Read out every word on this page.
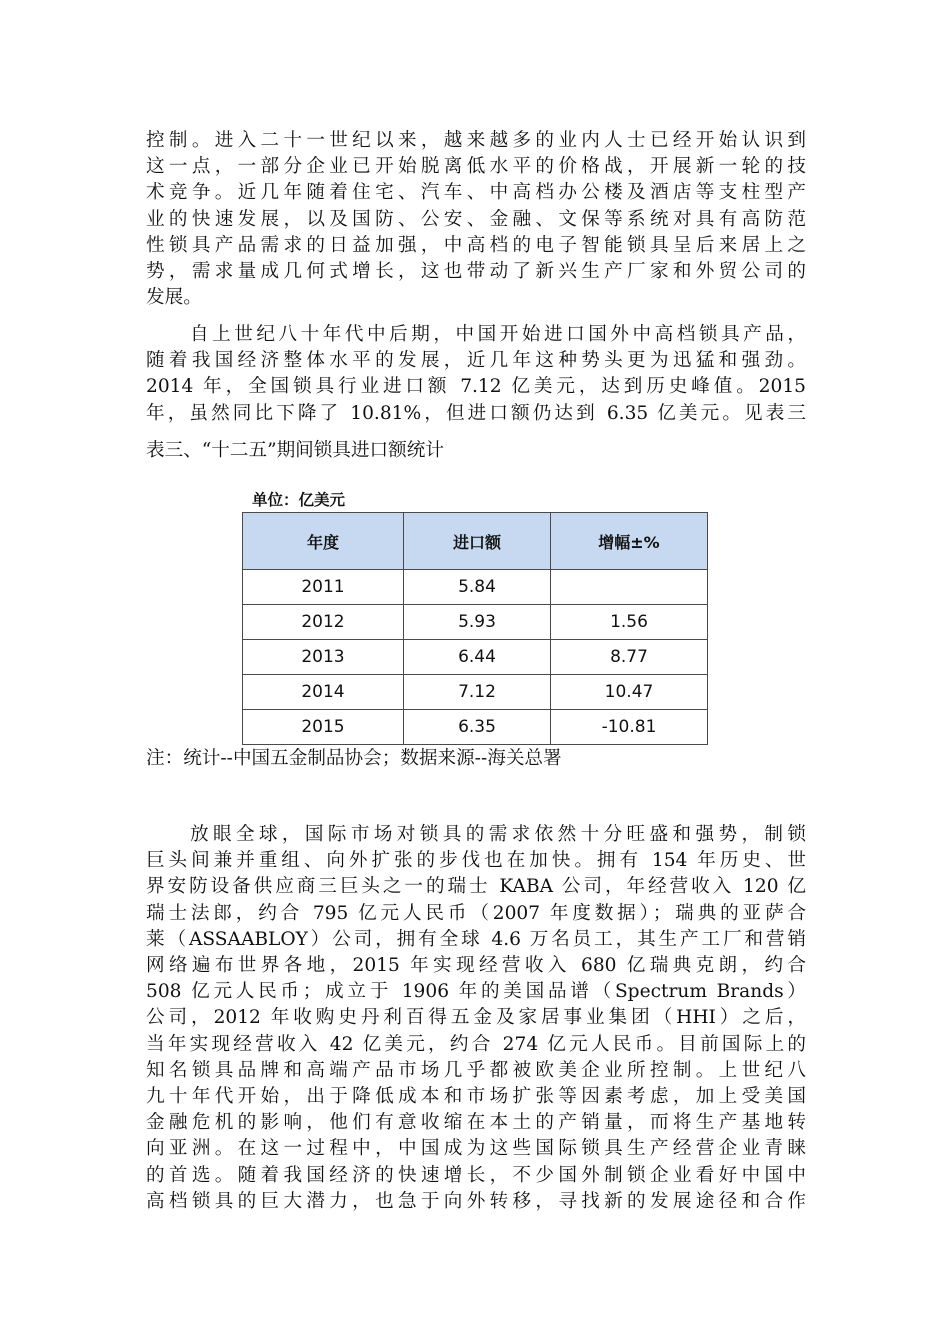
控制。进入二十一世纪以来，越来越多的业内人士已经开始认识到
这一点，一部分企业已开始脱离低水平的价格战，开展新一轮的技
术竞争。近几年随着住宅、汽车、中高档办公楼及酒店等支柱型产
业的快速发展，以及国防、公安、金融、文保等系统对具有高防范
性锁具产品需求的日益加强，中高档的电子智能锁具呈后来居上之
势，需求量成几何式增长，这也带动了新兴生产厂家和外贸公司的
发展。
自上世纪八十年代中后期，中国开始进口国外中高档锁具产品，
随着我国经济整体水平的发展，近几年这种势头更为迅猛和强劲。
2014 年，全国锁具行业进口额 7.12 亿美元，达到历史峰值。2015
年，虽然同比下降了 10.81%，但进口额仍达到 6.35 亿美元。见表三
表三、“十二五”期间锁具进口额统计
单位：亿美元
年度	进口额	增幅±%
2011	5.84	
2012	5.93	1.56
2013	6.44	8.77
2014	7.12	10.47
2015	6.35	-10.81
注：统计--中国五金制品协会；数据来源--海关总署
放眼全球，国际市场对锁具的需求依然十分旺盛和强势，制锁
巨头间兼并重组、向外扩张的步伐也在加快。拥有 154 年历史、世
界安防设备供应商三巨头之一的瑞士 KABA 公司，年经营收入 120 亿
瑞士法郎，约合 795 亿元人民币（2007 年度数据）；瑞典的亚萨合
莱（ASSAABLOY）公司，拥有全球 4.6 万名员工，其生产工厂和营销
网络遍布世界各地，2015 年实现经营收入 680 亿瑞典克朗，约合
508 亿元人民币；成立于 1906 年的美国品谱（Spectrum Brands）
公司，2012 年收购史丹利百得五金及家居事业集团（HHI）之后，
当年实现经营收入 42 亿美元，约合 274 亿元人民币。目前国际上的
知名锁具品牌和高端产品市场几乎都被欧美企业所控制。上世纪八
九十年代开始，出于降低成本和市场扩张等因素考虑，加上受美国
金融危机的影响，他们有意收缩在本土的产销量，而将生产基地转
向亚洲。在这一过程中，中国成为这些国际锁具生产经营企业青睐
的首选。随着我国经济的快速增长，不少国外制锁企业看好中国中
高档锁具的巨大潜力，也急于向外转移，寻找新的发展途径和合作
